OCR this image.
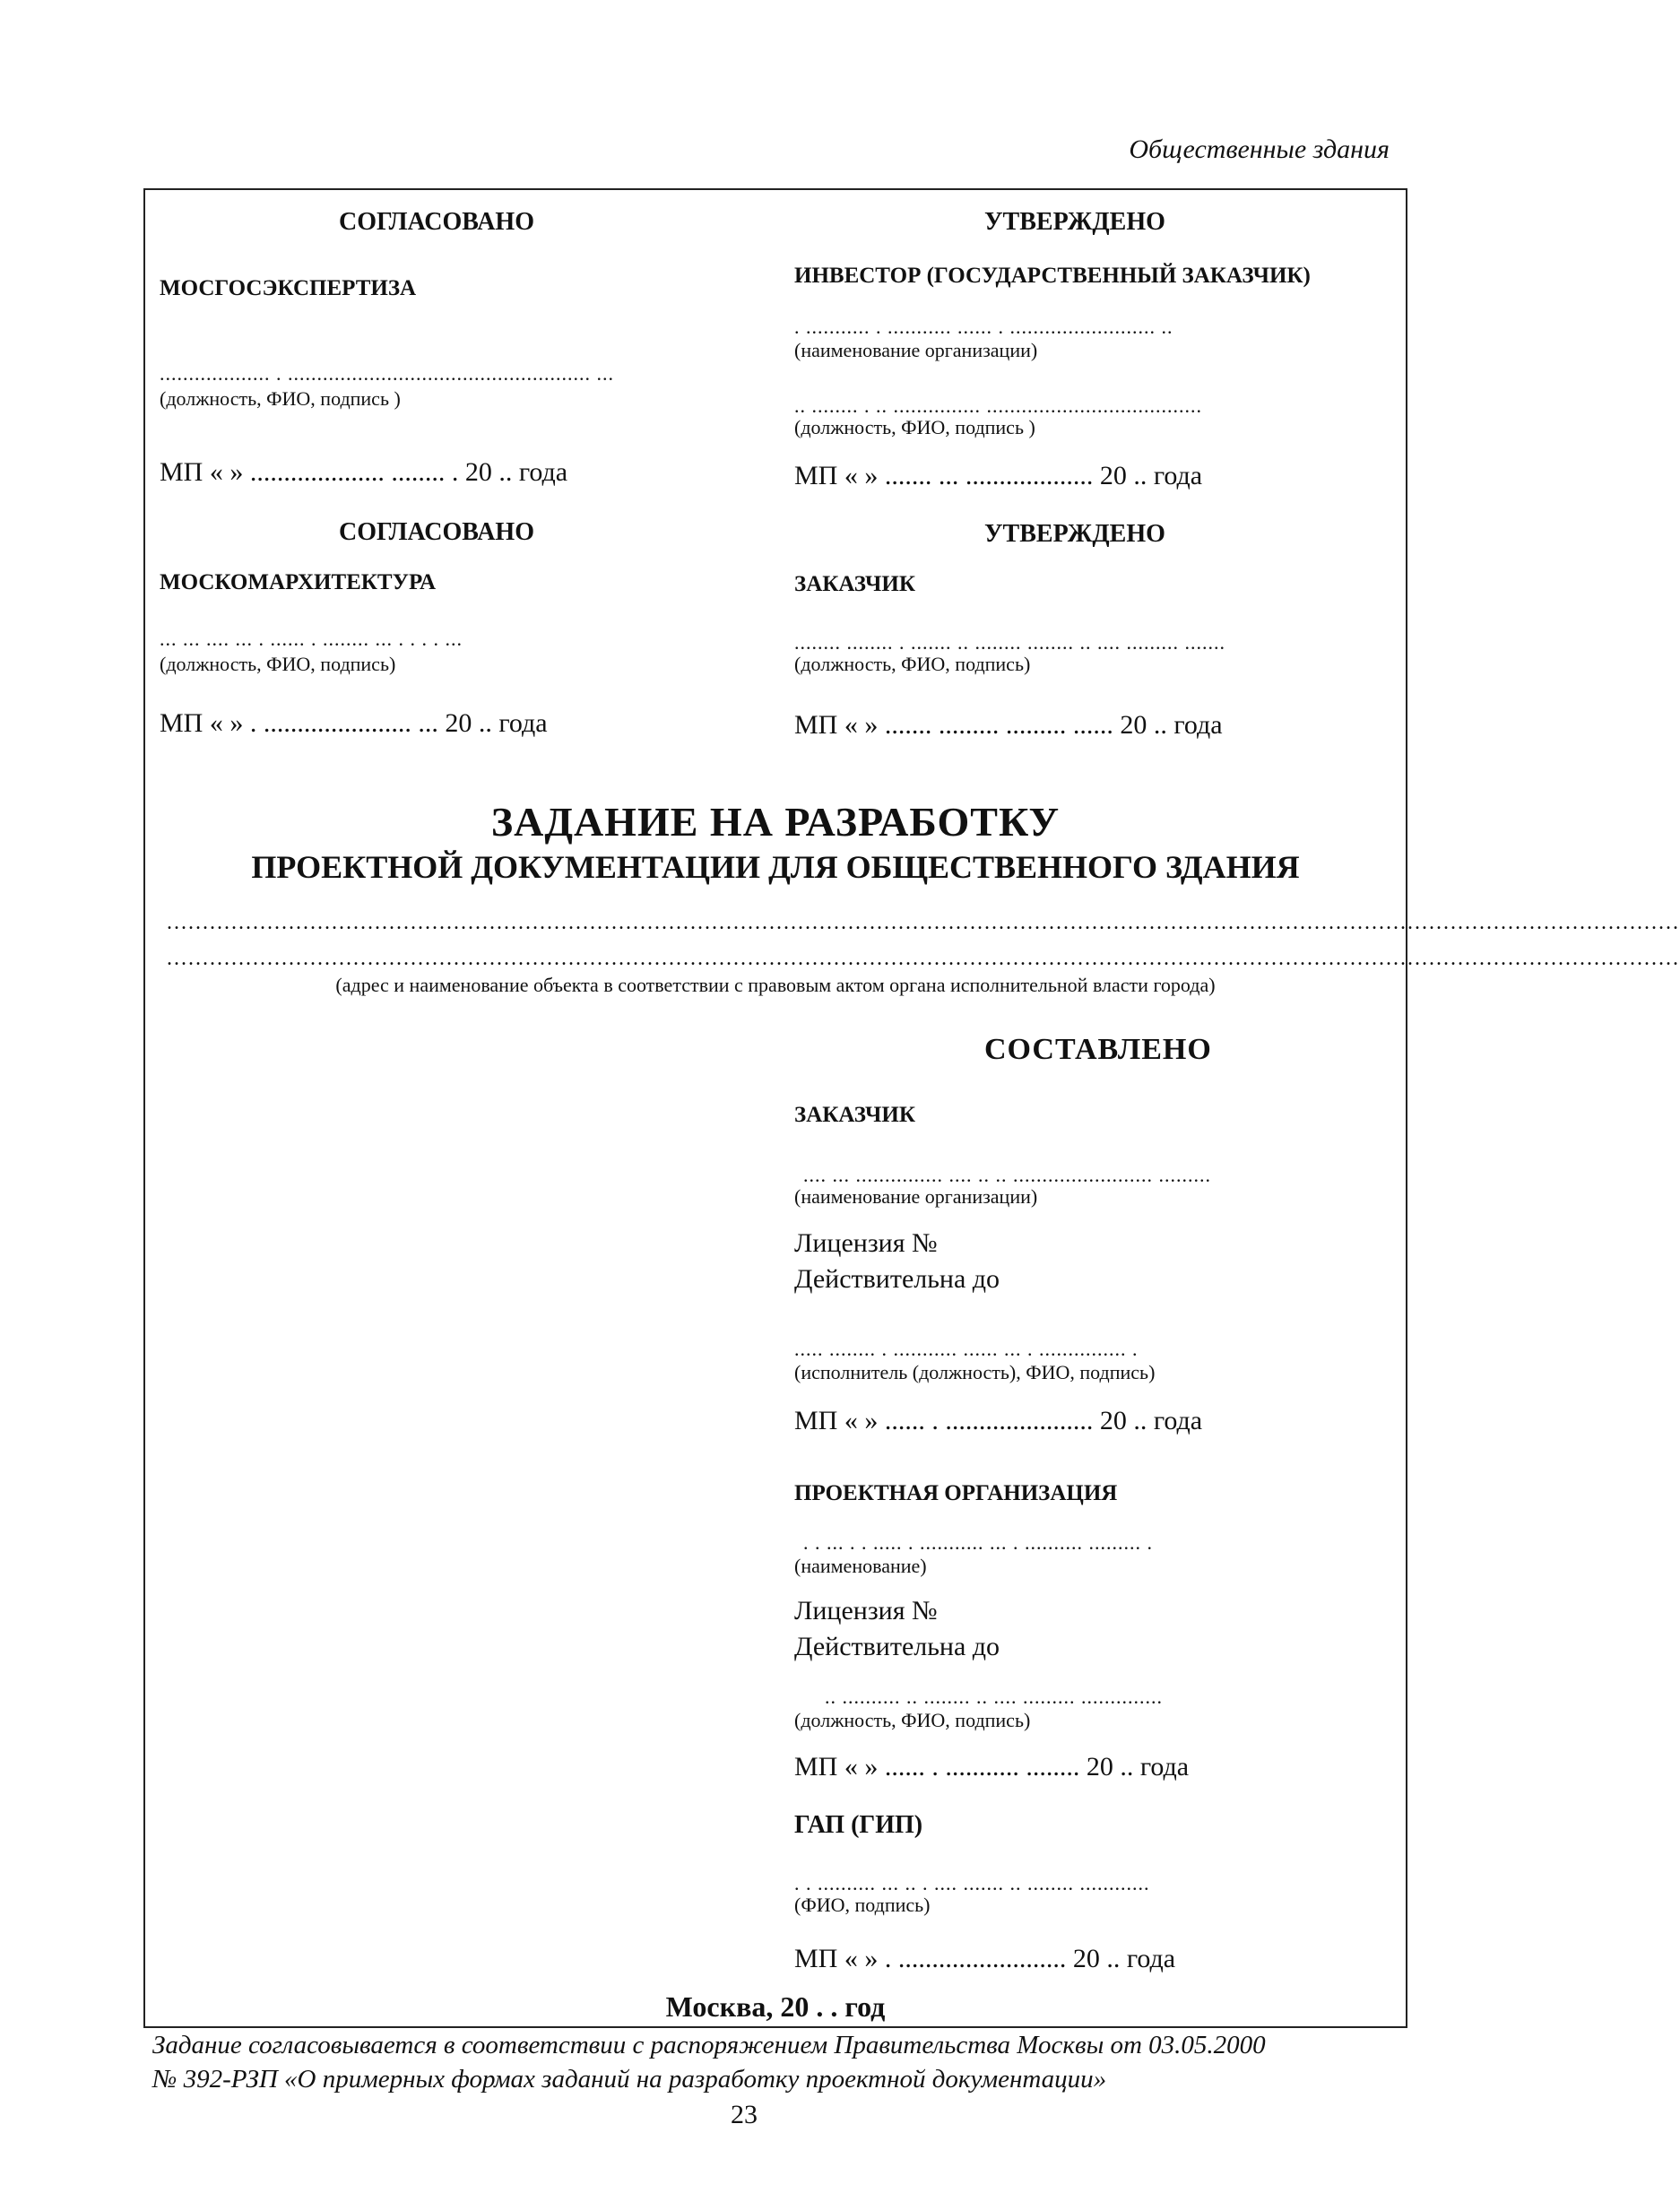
Общественные здания
СОГЛАСОВАНО
МОСГОСЭКСПЕРТИЗА
................... . .................................................... ...
(должность, ФИО, подпись )
МП « » .................... ........ . 20 .. года
УТВЕРЖДЕНО
ИНВЕСТОР (ГОСУДАРСТВЕННЫЙ ЗАКАЗЧИК)
. ........... . ........... ...... . ......................... ..
(наименование организации)
.. ........ . .. ............... .....................................
(должность, ФИО, подпись )
МП « » ....... ... ................... 20 .. года
СОГЛАСОВАНО
МОСКОМАРХИТЕКТУРА
... ... .... ... . ...... . ........ ... . . . . ...
(должность, ФИО, подпись)
МП « » . ...................... ... 20 .. года
УТВЕРЖДЕНО
ЗАКАЗЧИК
........ ........ . ....... .. ........ ........ .. .... ......... .......
(должность, ФИО, подпись)
МП « » ....... ......... ......... ...... 20 .. года
ЗАДАНИЕ НА РАЗРАБОТКУ
ПРОЕКТНОЙ ДОКУМЕНТАЦИИ ДЛЯ ОБЩЕСТВЕННОГО ЗДАНИЯ
...................................................................................................................................................................................................................
...................................................................................................................................................................................................................
(адрес и наименование объекта в соответствии с правовым актом органа исполнительной власти города)
СОСТАВЛЕНО
ЗАКАЗЧИК
.... ... ............... .... .. .. ........................ .........
(наименование организации)
Лицензия №
Действительна до
..... ........ . ........... ...... ... . ............... .
(исполнитель (должность), ФИО, подпись)
МП « » ...... . ...................... 20 .. года
ПРОЕКТНАЯ ОРГАНИЗАЦИЯ
. . ... . . ..... . ........... ... . .......... ......... .
(наименование)
Лицензия №
Действительна до
.. .......... .. ........ .. .... ......... ..............
(должность, ФИО, подпись)
МП « » ...... . ........... ........ 20 .. года
ГАП (ГИП)
. . .......... ... .. . .... ....... .. ........ ............
(ФИО, подпись)
МП « » . ......................... 20 .. года
Москва, 20 . . год
Задание согласовывается в соответствии с распоряжением Правительства Москвы от 03.05.2000
№ 392-РЗП «О примерных формах заданий на разработку проектной документации»
23
